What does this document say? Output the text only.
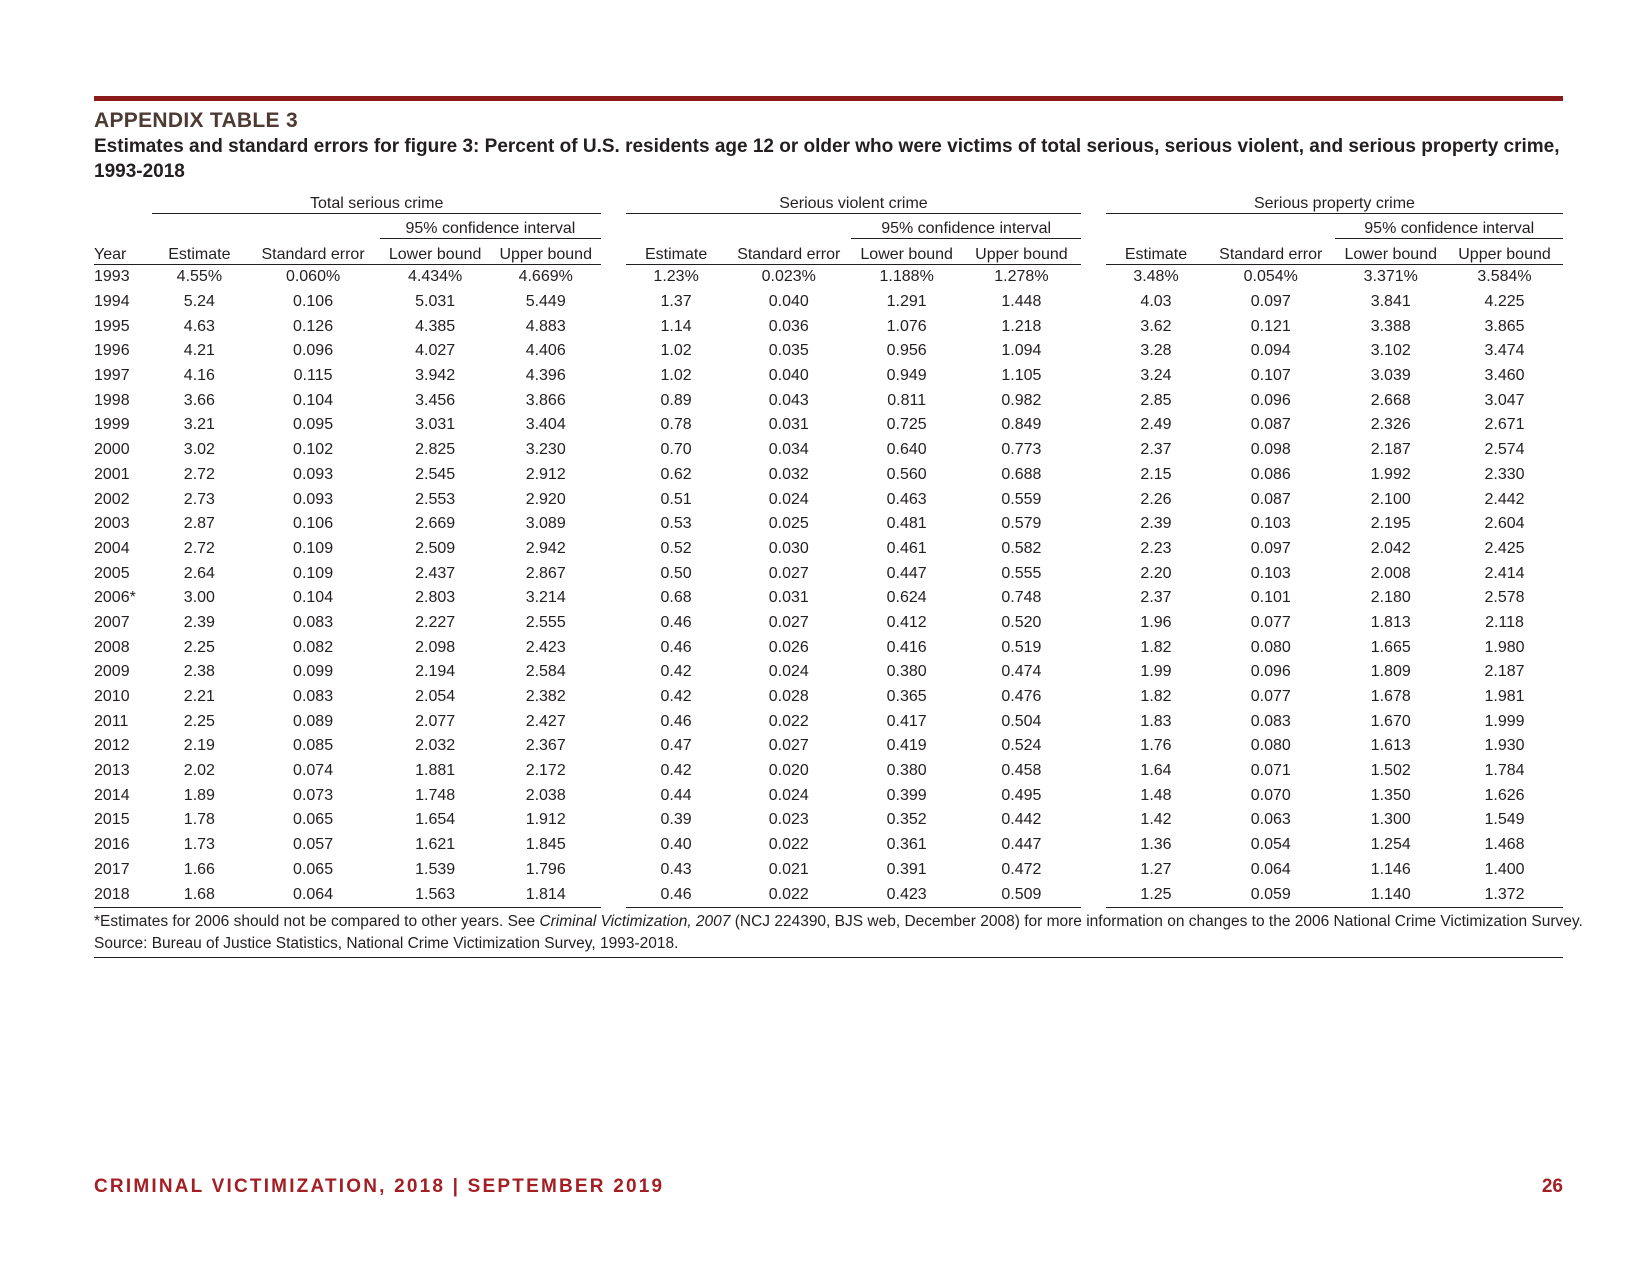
APPENDIX TABLE 3
Estimates and standard errors for figure 3: Percent of U.S. residents age 12 or older who were victims of total serious, serious violent, and serious property crime, 1993-2018
	Total serious crime					Serious violent crime					Serious property crime			
			95% confidence interval					95% confidence interval					95% confidence interval	
Year	Estimate	Standard error	Lower bound	Upper bound		Estimate	Standard error	Lower bound	Upper bound		Estimate	Standard error	Lower bound	Upper bound
1993	4.55%	0.060%	4.434%	4.669%		1.23%	0.023%	1.188%	1.278%		3.48%	0.054%	3.371%	3.584%
1994	5.24	0.106	5.031	5.449		1.37	0.040	1.291	1.448		4.03	0.097	3.841	4.225
1995	4.63	0.126	4.385	4.883		1.14	0.036	1.076	1.218		3.62	0.121	3.388	3.865
1996	4.21	0.096	4.027	4.406		1.02	0.035	0.956	1.094		3.28	0.094	3.102	3.474
1997	4.16	0.115	3.942	4.396		1.02	0.040	0.949	1.105		3.24	0.107	3.039	3.460
1998	3.66	0.104	3.456	3.866		0.89	0.043	0.811	0.982		2.85	0.096	2.668	3.047
1999	3.21	0.095	3.031	3.404		0.78	0.031	0.725	0.849		2.49	0.087	2.326	2.671
2000	3.02	0.102	2.825	3.230		0.70	0.034	0.640	0.773		2.37	0.098	2.187	2.574
2001	2.72	0.093	2.545	2.912		0.62	0.032	0.560	0.688		2.15	0.086	1.992	2.330
2002	2.73	0.093	2.553	2.920		0.51	0.024	0.463	0.559		2.26	0.087	2.100	2.442
2003	2.87	0.106	2.669	3.089		0.53	0.025	0.481	0.579		2.39	0.103	2.195	2.604
2004	2.72	0.109	2.509	2.942		0.52	0.030	0.461	0.582		2.23	0.097	2.042	2.425
2005	2.64	0.109	2.437	2.867		0.50	0.027	0.447	0.555		2.20	0.103	2.008	2.414
2006*	3.00	0.104	2.803	3.214		0.68	0.031	0.624	0.748		2.37	0.101	2.180	2.578
2007	2.39	0.083	2.227	2.555		0.46	0.027	0.412	0.520		1.96	0.077	1.813	2.118
2008	2.25	0.082	2.098	2.423		0.46	0.026	0.416	0.519		1.82	0.080	1.665	1.980
2009	2.38	0.099	2.194	2.584		0.42	0.024	0.380	0.474		1.99	0.096	1.809	2.187
2010	2.21	0.083	2.054	2.382		0.42	0.028	0.365	0.476		1.82	0.077	1.678	1.981
2011	2.25	0.089	2.077	2.427		0.46	0.022	0.417	0.504		1.83	0.083	1.670	1.999
2012	2.19	0.085	2.032	2.367		0.47	0.027	0.419	0.524		1.76	0.080	1.613	1.930
2013	2.02	0.074	1.881	2.172		0.42	0.020	0.380	0.458		1.64	0.071	1.502	1.784
2014	1.89	0.073	1.748	2.038		0.44	0.024	0.399	0.495		1.48	0.070	1.350	1.626
2015	1.78	0.065	1.654	1.912		0.39	0.023	0.352	0.442		1.42	0.063	1.300	1.549
2016	1.73	0.057	1.621	1.845		0.40	0.022	0.361	0.447		1.36	0.054	1.254	1.468
2017	1.66	0.065	1.539	1.796		0.43	0.021	0.391	0.472		1.27	0.064	1.146	1.400
2018	1.68	0.064	1.563	1.814		0.46	0.022	0.423	0.509		1.25	0.059	1.140	1.372
*Estimates for 2006 should not be compared to other years. See Criminal Victimization, 2007 (NCJ 224390, BJS web, December 2008) for more information on changes to the 2006 National Crime Victimization Survey.
Source: Bureau of Justice Statistics, National Crime Victimization Survey, 1993-2018.
CRIMINAL VICTIMIZATION, 2018 | SEPTEMBER 2019	26
